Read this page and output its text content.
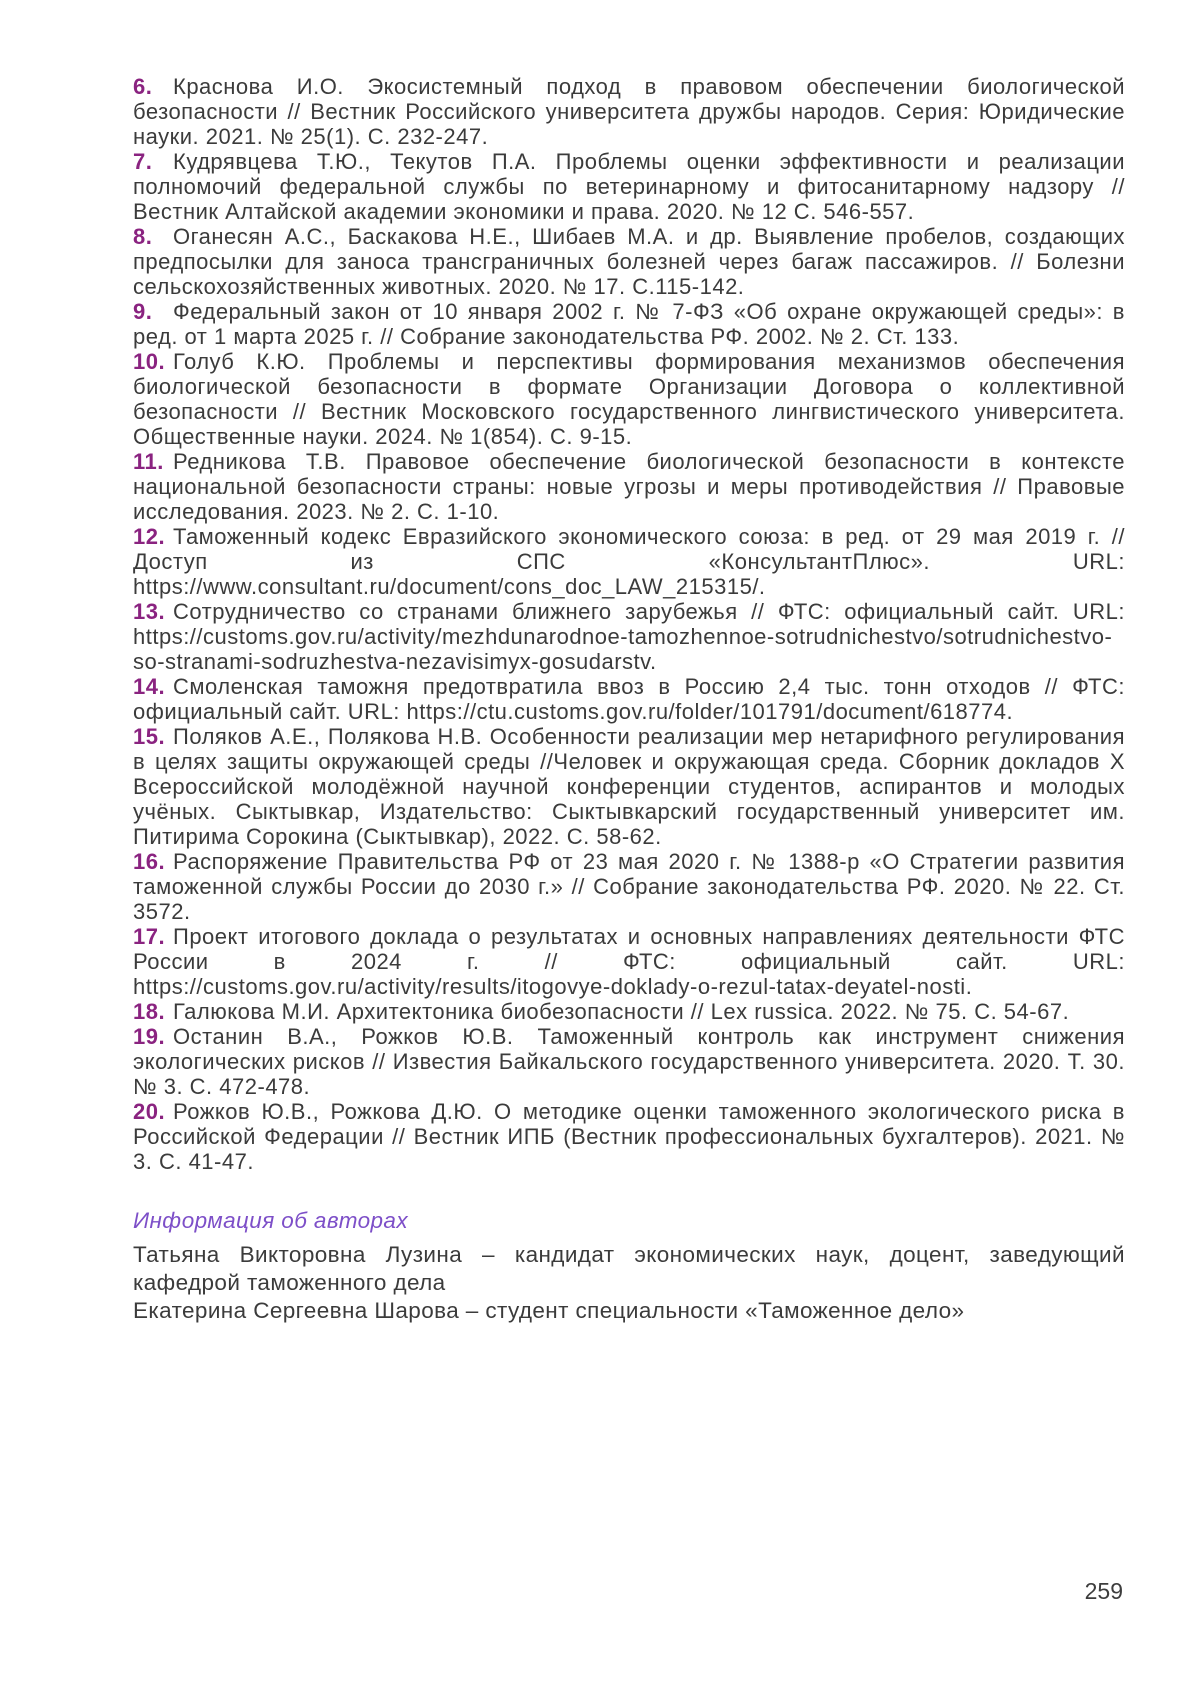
6. Краснова И.О. Экосистемный подход в правовом обеспечении биологической безопасности // Вестник Российского университета дружбы народов. Серия: Юридические науки. 2021. № 25(1). С. 232-247.

7. Кудрявцева Т.Ю., Текутов П.А. Проблемы оценки эффективности и реализации полномочий федеральной службы по ветеринарному и фитосанитарному надзору // Вестник Алтайской академии экономики и права. 2020. № 12 С. 546-557.

8. Оганесян А.С., Баскакова Н.Е., Шибаев М.А. и др. Выявление пробелов, создающих предпосылки для заноса трансграничных болезней через багаж пассажиров. // Болезни сельскохозяйственных животных. 2020. № 17. С.115-142.

9. Федеральный закон от 10 января 2002 г. № 7-ФЗ «Об охране окружающей среды»: в ред. от 1 марта 2025 г. // Собрание законодательства РФ. 2002. № 2. Ст. 133.

10. Голуб К.Ю. Проблемы и перспективы формирования механизмов обеспечения биологической безопасности в формате Организации Договора о коллективной безопасности // Вестник Московского государственного лингвистического университета. Общественные науки. 2024. № 1(854). С. 9-15.

11. Редникова Т.В. Правовое обеспечение биологической безопасности в контексте национальной безопасности страны: новые угрозы и меры противодействия // Правовые исследования. 2023. № 2. С. 1-10.

12. Таможенный кодекс Евразийского экономического союза: в ред. от 29 мая 2019 г. // Доступ из СПС «КонсультантПлюс». URL: https://www.consultant.ru/document/cons_doc_LAW_215315/.

13. Сотрудничество со странами ближнего зарубежья // ФТС: официальный сайт. URL: https://customs.gov.ru/activity/mezhdunarodnoe-tamozhennoe-sotrudnichestvo/sotrudnichestvo-so-stranami-sodruzhestva-nezavisimyx-gosudarstv.

14. Смоленская таможня предотвратила ввоз в Россию 2,4 тыс. тонн отходов // ФТС: официальный сайт. URL: https://ctu.customs.gov.ru/folder/101791/document/618774.

15. Поляков А.Е., Полякова Н.В. Особенности реализации мер нетарифного регулирования в целях защиты окружающей среды //Человек и окружающая среда. Сборник докладов X Всероссийской молодёжной научной конференции студентов, аспирантов и молодых учёных. Сыктывкар, Издательство: Сыктывкарский государственный университет им. Питирима Сорокина (Сыктывкар), 2022. С. 58-62.

16. Распоряжение Правительства РФ от 23 мая 2020 г. № 1388-р «О Стратегии развития таможенной службы России до 2030 г.» // Собрание законодательства РФ. 2020. № 22. Ст. 3572.

17. Проект итогового доклада о результатах и основных направлениях деятельности ФТС России в 2024 г. // ФТС: официальный сайт. URL: https://customs.gov.ru/activity/results/itogovye-doklady-o-rezul-tatax-deyatel-nosti.

18. Галюкова М.И. Архитектоника биобезопасности // Lex russica. 2022. № 75. С. 54-67.

19. Останин В.А., Рожков Ю.В. Таможенный контроль как инструмент снижения экологических рисков // Известия Байкальского государственного университета. 2020. Т. 30. № 3. С. 472-478.

20. Рожков Ю.В., Рожкова Д.Ю. О методике оценки таможенного экологического риска в Российской Федерации // Вестник ИПБ (Вестник профессиональных бухгалтеров). 2021. № 3. С. 41-47.

Информация об авторах

Татьяна Викторовна Лузина – кандидат экономических наук, доцент, заведующий кафедрой таможенного дела

Екатерина Сергеевна Шарова – студент специальности «Таможенное дело»

259
